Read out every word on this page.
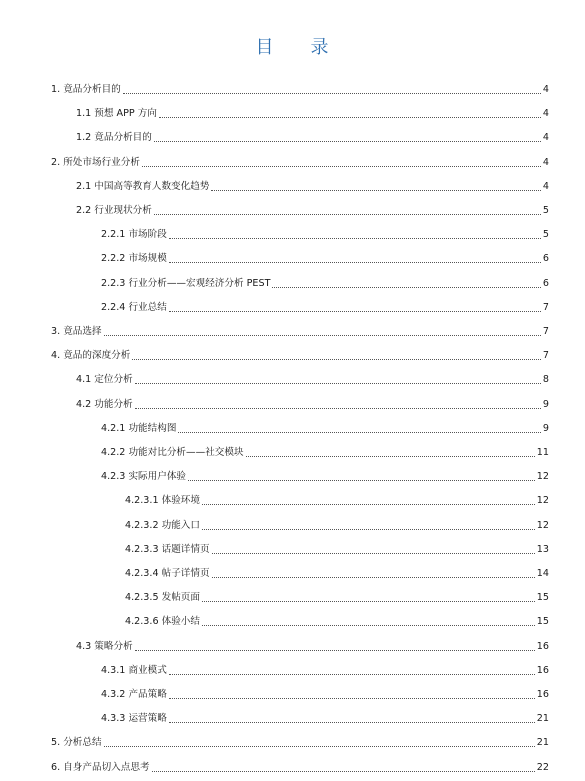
目 录
1. 竟品分析目的	4
1.1 预想 APP 方向	4
1.2 竟品分析目的	4
2. 所处市场行业分析	4
2.1 中国高等教育人数变化趋势	4
2.2 行业现状分析	5
2.2.1 市场阶段	5
2.2.2 市场规模	6
2.2.3 行业分析——宏观经济分析 PEST	6
2.2.4 行业总结	7
3. 竟品选择	7
4. 竟品的深度分析	7
4.1 定位分析	8
4.2 功能分析	9
4.2.1 功能结构图	9
4.2.2 功能对比分析——社交模块	11
4.2.3 实际用户体验	12
4.2.3.1 体验环境	12
4.2.3.2 功能入口	12
4.2.3.3 话题详情页	13
4.2.3.4 帖子详情页	14
4.2.3.5 发帖页面	15
4.2.3.6 体验小结	15
4.3 策略分析	16
4.3.1 商业模式	16
4.3.2 产品策略	16
4.3.3 运营策略	21
5. 分析总结	21
6. 自身产品切入点思考	22
